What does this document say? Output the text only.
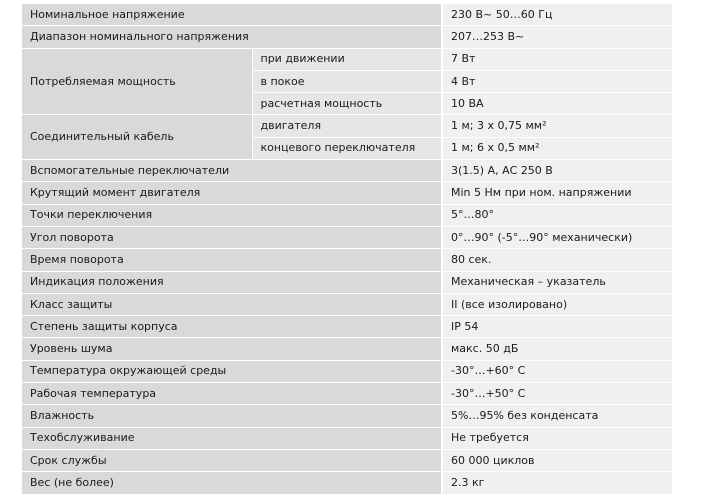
Номинальное напряжение		230 В~ 50…60 Гц
Диапазон номинального напряжения		207…253 В~
Потребляемая мощность	при движении	7 Вт
	в покое	4 Вт
	расчетная мощность	10 ВА
Соединительный кабель	двигателя	1 м; 3 х 0,75 мм²
	концевого переключателя	1 м; 6 х 0,5 мм²
Вспомогательные переключатели		3(1.5) А, АС 250 В
Крутящий момент двигателя		Min 5 Нм при ном. напряжении
Точки переключения		5°…80°
Угол поворота		0°…90° (-5°…90° механически)
Время поворота		80 сек.
Индикация положения		Механическая – указатель
Класс защиты		II (все изолировано)
Степень защиты корпуса		IP 54
Уровень шума		макс. 50 дБ
Температура окружающей среды		-30°…+60° С
Рабочая температура		-30°…+50° С
Влажность		5%…95% без конденсата
Техобслуживание		Не требуется
Срок службы		60 000 циклов
Вес (не более)		2.3 кг
